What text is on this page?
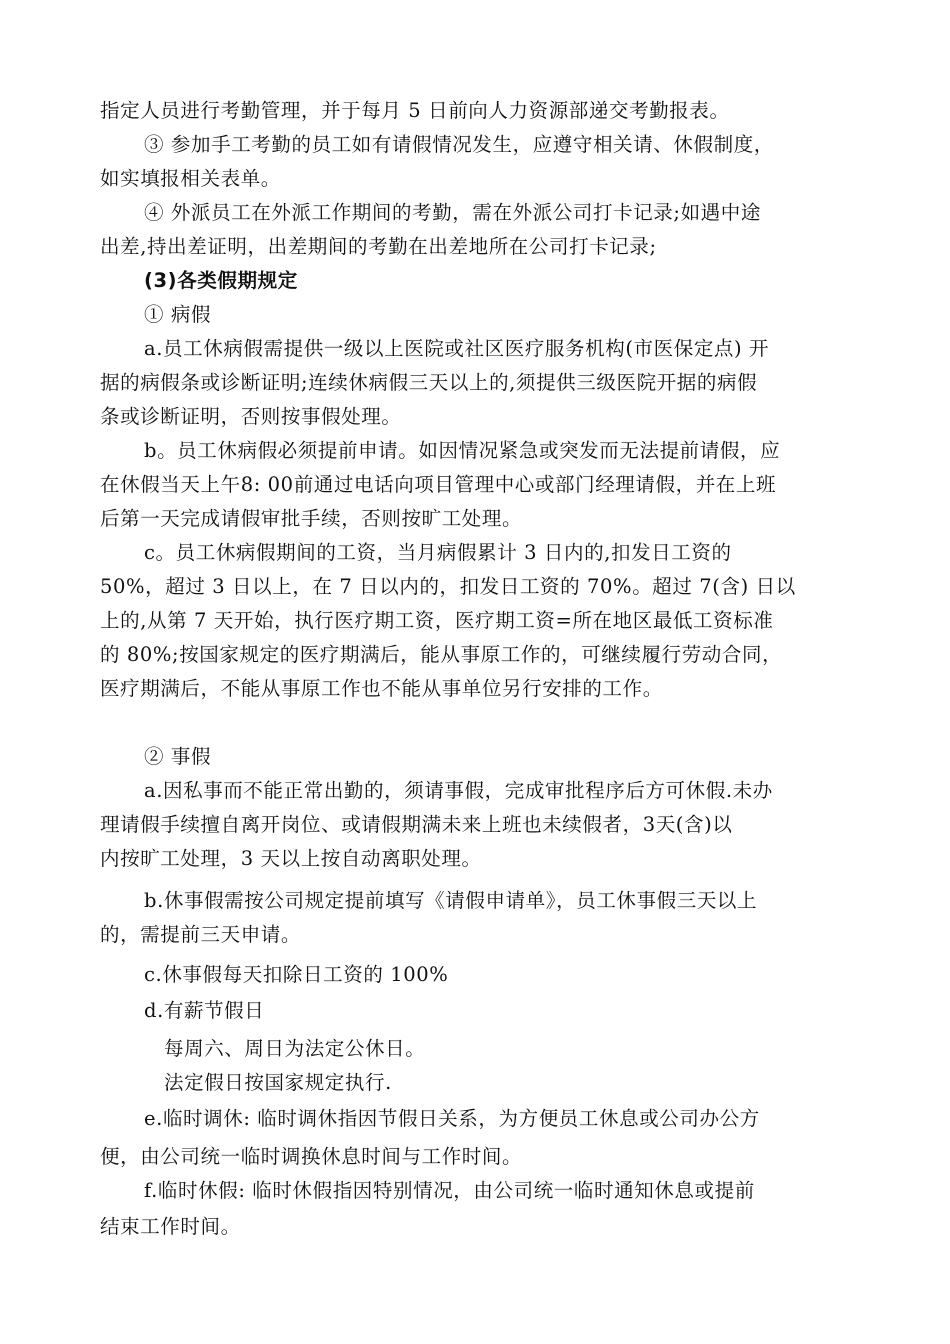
指定人员进行考勤管理，并于每月 5 日前向人力资源部递交考勤报表。
③ 参加手工考勤的员工如有请假情况发生，应遵守相关请、休假制度，
如实填报相关表单。
④ 外派员工在外派工作期间的考勤，需在外派公司打卡记录;如遇中途
出差,持出差证明，出差期间的考勤在出差地所在公司打卡记录;
(3)各类假期规定
① 病假
a.员工休病假需提供一级以上医院或社区医疗服务机构(市医保定点) 开
据的病假条或诊断证明;连续休病假三天以上的,须提供三级医院开据的病假
条或诊断证明，否则按事假处理。
b。员工休病假必须提前申请。如因情况紧急或突发而无法提前请假，应
在休假当天上午8: 00前通过电话向项目管理中心或部门经理请假，并在上班
后第一天完成请假审批手续，否则按旷工处理。
c。员工休病假期间的工资，当月病假累计 3 日内的,扣发日工资的
50%，超过 3 日以上，在 7 日以内的，扣发日工资的 70%。超过 7(含) 日以
上的,从第 7 天开始，执行医疗期工资，医疗期工资=所在地区最低工资标准
的 80%;按国家规定的医疗期满后，能从事原工作的，可继续履行劳动合同，
医疗期满后，不能从事原工作也不能从事单位另行安排的工作。
② 事假
a.因私事而不能正常出勤的，须请事假，完成审批程序后方可休假.未办
理请假手续擅自离开岗位、或请假期满未来上班也未续假者，3天(含)以
内按旷工处理，3 天以上按自动离职处理。
b.休事假需按公司规定提前填写《请假申请单》，员工休事假三天以上
的，需提前三天申请。
c.休事假每天扣除日工资的 100%
d.有薪节假日
每周六、周日为法定公休日。
法定假日按国家规定执行.
e.临时调休: 临时调休指因节假日关系，为方便员工休息或公司办公方
便，由公司统一临时调换休息时间与工作时间。
f.临时休假: 临时休假指因特别情况，由公司统一临时通知休息或提前
结束工作时间。
